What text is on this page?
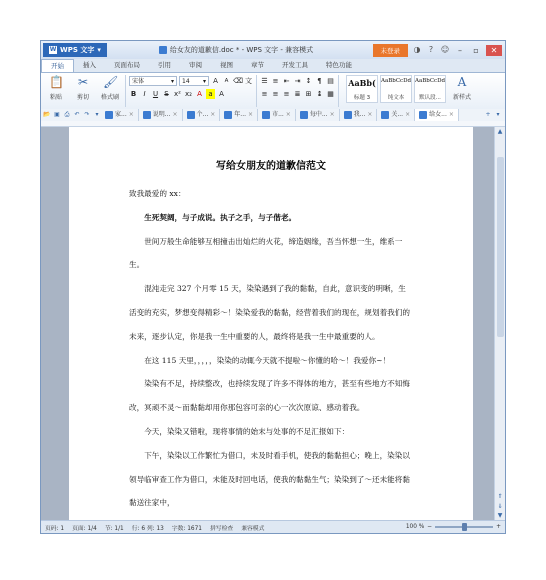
W WPS 文字 ▾	给女友的道歉信.doc * - WPS 文字 - 兼容模式	未登录 ◑	? ☺	–	▫	✕
开始	插入	页面布局	引用	审阅	视图	章节	开发工具	特色功能
📋
粘贴
✂
剪切
🖌
格式刷
宋体	▾ 14 ▾ A	A ⌫ 文
B	I	U S x² x₂ A a A
☰ ≡ ⇤ ⇥ ↕ ¶ ▤
≡ ≡ ≡ ≣ ⊞ ↨ ▦
AaBb(
标题 3
AaBbCcDd
纯文本
AaBbCcDd
默认段...
A
新样式
📂 ▣ ⎙ ↶ ↷ ▾	家... ×	说明... ×	个... ×	年... ×	市... ×	每中... ×	我... ×	关... ×	给女... ×	+ ▾
写给女朋友的道歉信范文

致我最爱的 xx：

生死契阔，与子成说。执子之手，与子偕老。

世间万般生命能够互相撞击出灿烂的火花，缔造姻缘，吾当怀想一生，维系一生。

混沌走完 327 个月零 15 天，染染遇到了我的黏黏，自此，意识变的明晰，生活变的充实，梦想变得精彩～！染染爱我的黏黏，经营着我们的现在，规划着我们的未来，逐步认定，你是我一生中重要的人，最终将是我一生中最重要的人。

在这 115 天里，，，，，染染的动辄今天就不提啦～你懂的哈～！我爱你~！

染染有不足，持续整改，也持续发现了许多不得体的地方，甚至有些地方不知悔改，冥顽不灵～而黏黏却用你那包容可亲的心一次次原谅、感动着我。

今天，染染又错啦，现将事情的始末与处事的不足汇报如下：

下午，染染以工作繁忙为借口，未及时看手机，使我的黏黏担心；晚上，染染以领导临审查工作为借口，未能及时回电话，使我的黏黏生气；染染到了～还未能将黏黏送往家中，

▲
⇑
⇓
▼
页码: 1	页面: 1/4	节: 1/1	行: 6 列: 13	字数: 1671	拼写检查	兼容模式	100 % −	+
